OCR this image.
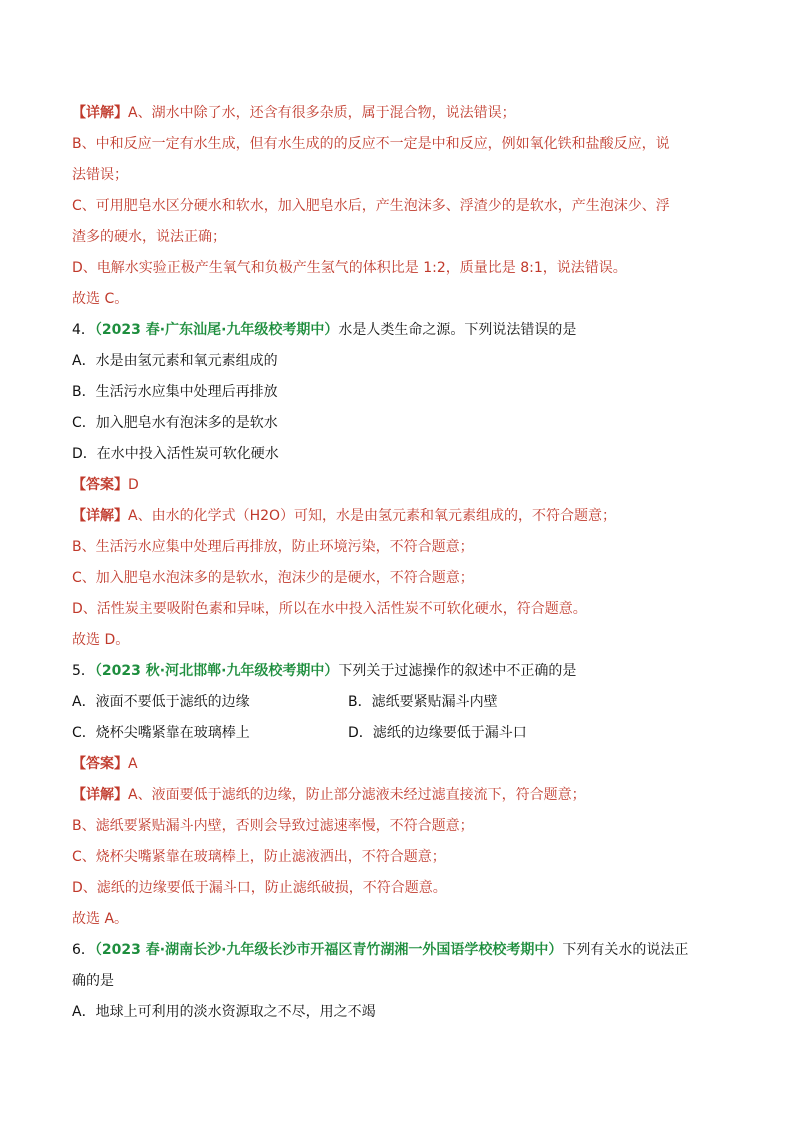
【详解】A、湖水中除了水，还含有很多杂质，属于混合物，说法错误；
B、中和反应一定有水生成，但有水生成的的反应不一定是中和反应，例如氧化铁和盐酸反应，说
法错误；
C、可用肥皂水区分硬水和软水，加入肥皂水后，产生泡沫多、浮渣少的是软水，产生泡沫少、浮
渣多的硬水，说法正确；
D、电解水实验正极产生氧气和负极产生氢气的体积比是 1:2，质量比是 8:1，说法错误。
故选 C。
4．（2023 春·广东汕尾·九年级校考期中）水是人类生命之源。下列说法错误的是
A．水是由氢元素和氧元素组成的
B．生活污水应集中处理后再排放
C．加入肥皂水有泡沫多的是软水
D．在水中投入活性炭可软化硬水
【答案】D
【详解】A、由水的化学式（H2O）可知，水是由氢元素和氧元素组成的，不符合题意；
B、生活污水应集中处理后再排放，防止环境污染，不符合题意；
C、加入肥皂水泡沫多的是软水，泡沫少的是硬水，不符合题意；
D、活性炭主要吸附色素和异味，所以在水中投入活性炭不可软化硬水，符合题意。
故选 D。
5．（2023 秋·河北邯郸·九年级校考期中）下列关于过滤操作的叙述中不正确的是
A．液面不要低于滤纸的边缘	B．滤纸要紧贴漏斗内壁
C．烧杯尖嘴紧靠在玻璃棒上	D．滤纸的边缘要低于漏斗口
【答案】A
【详解】A、液面要低于滤纸的边缘，防止部分滤液未经过滤直接流下，符合题意；
B、滤纸要紧贴漏斗内壁，否则会导致过滤速率慢，不符合题意；
C、烧杯尖嘴紧靠在玻璃棒上，防止滤液洒出，不符合题意；
D、滤纸的边缘要低于漏斗口，防止滤纸破损，不符合题意。
故选 A。
6．（2023 春·湖南长沙·九年级长沙市开福区青竹湖湘一外国语学校校考期中）下列有关水的说法正
确的是
A．地球上可利用的淡水资源取之不尽，用之不竭
